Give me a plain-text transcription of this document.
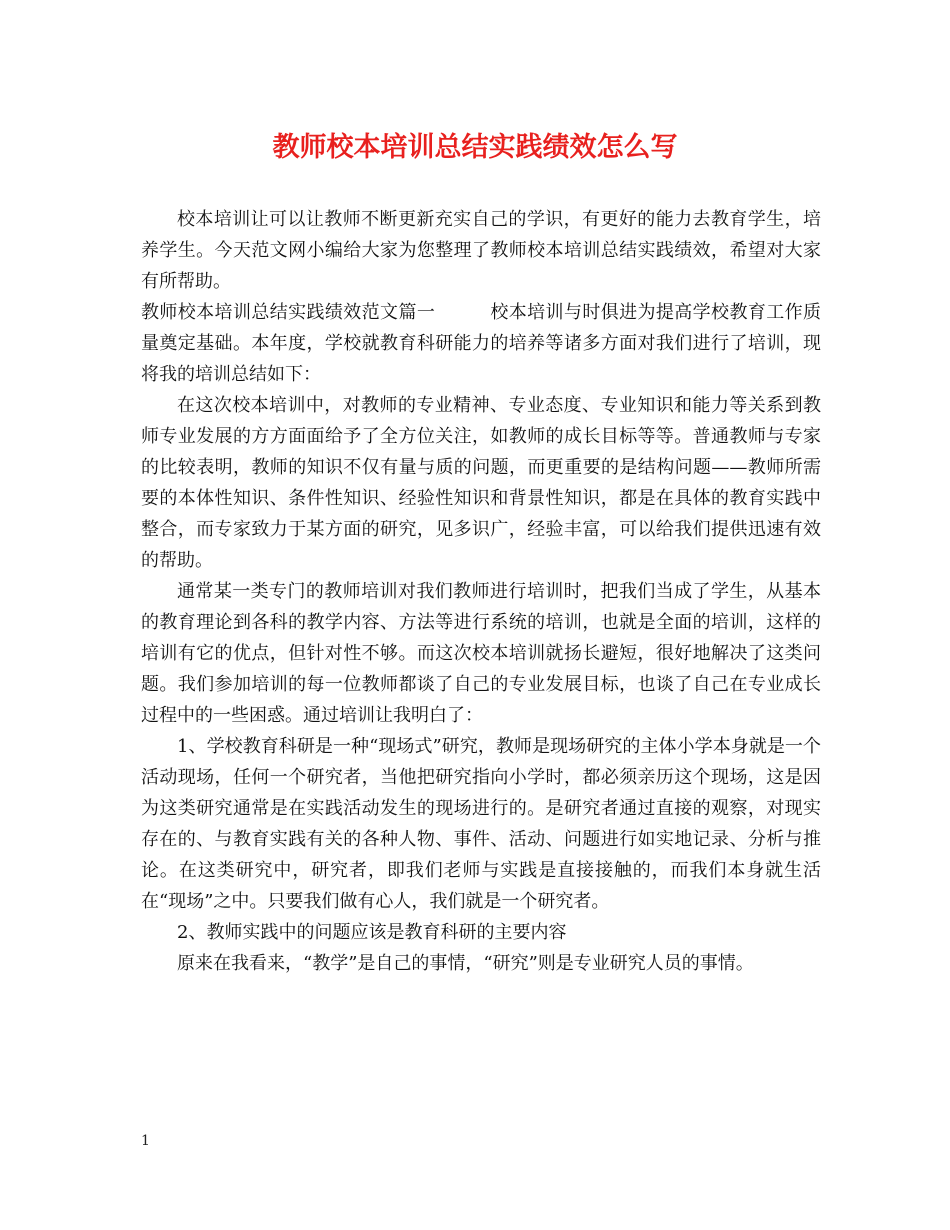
教师校本培训总结实践绩效怎么写

校本培训让可以让教师不断更新充实自己的学识，有更好的能力去教育学生，培养学生。今天范文网小编给大家为您整理了教师校本培训总结实践绩效，希望对大家有所帮助。

教师校本培训总结实践绩效范文篇一　　　校本培训与时俱进为提高学校教育工作质量奠定基础。本年度，学校就教育科研能力的培养等诸多方面对我们进行了培训，现将我的培训总结如下：

在这次校本培训中，对教师的专业精神、专业态度、专业知识和能力等关系到教师专业发展的方方面面给予了全方位关注，如教师的成长目标等等。普通教师与专家的比较表明，教师的知识不仅有量与质的问题，而更重要的是结构问题——教师所需要的本体性知识、条件性知识、经验性知识和背景性知识，都是在具体的教育实践中整合，而专家致力于某方面的研究，见多识广，经验丰富，可以给我们提供迅速有效的帮助。

通常某一类专门的教师培训对我们教师进行培训时，把我们当成了学生，从基本的教育理论到各科的教学内容、方法等进行系统的培训，也就是全面的培训，这样的培训有它的优点，但针对性不够。而这次校本培训就扬长避短，很好地解决了这类问题。我们参加培训的每一位教师都谈了自己的专业发展目标，也谈了自己在专业成长过程中的一些困惑。通过培训让我明白了：

1、学校教育科研是一种“现场式”研究，教师是现场研究的主体小学本身就是一个活动现场，任何一个研究者，当他把研究指向小学时，都必须亲历这个现场，这是因为这类研究通常是在实践活动发生的现场进行的。是研究者通过直接的观察，对现实存在的、与教育实践有关的各种人物、事件、活动、问题进行如实地记录、分析与推论。在这类研究中，研究者，即我们老师与实践是直接接触的，而我们本身就生活在“现场”之中。只要我们做有心人，我们就是一个研究者。

2、教师实践中的问题应该是教育科研的主要内容

原来在我看来，“教学”是自己的事情，“研究”则是专业研究人员的事情。

1
